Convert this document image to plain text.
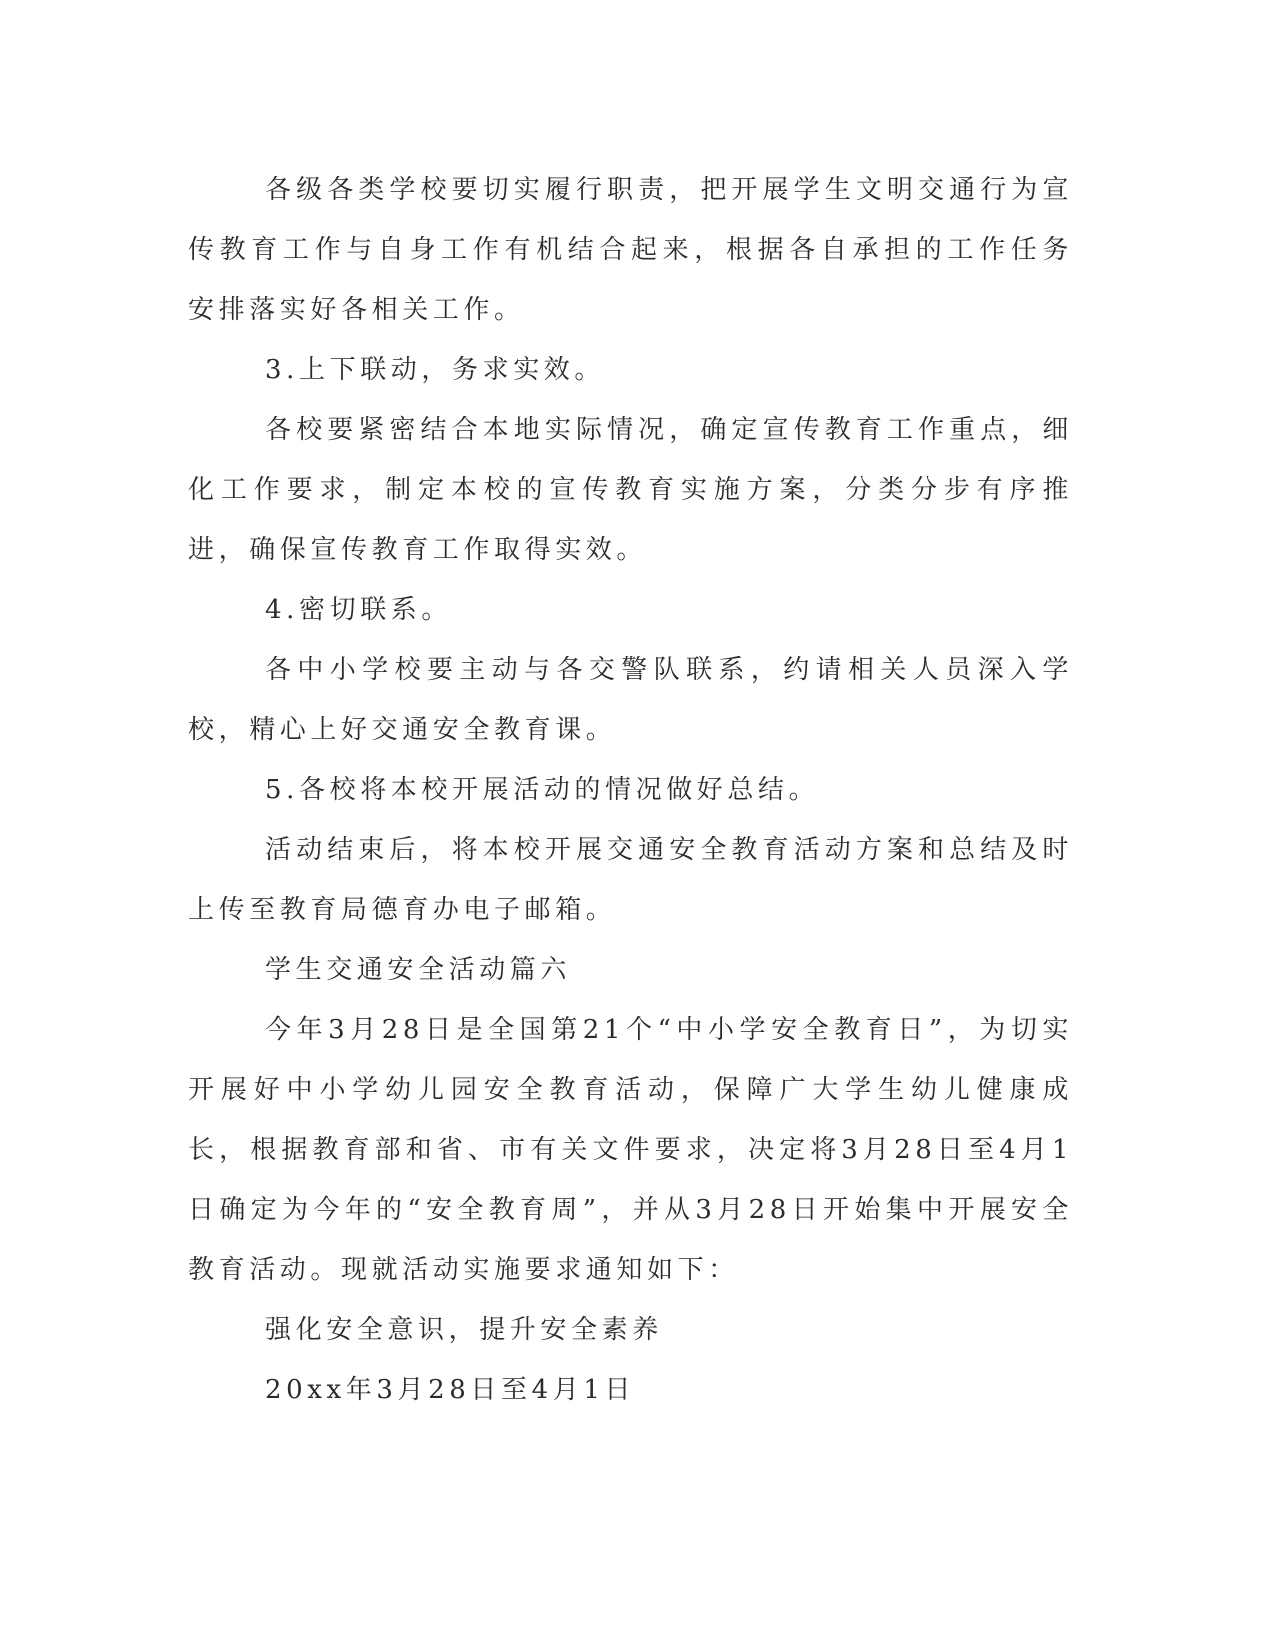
各级各类学校要切实履行职责，把开展学生文明交通行为宣传教育工作与自身工作有机结合起来，根据各自承担的工作任务安排落实好各相关工作。

3.上下联动，务求实效。

各校要紧密结合本地实际情况，确定宣传教育工作重点，细化工作要求，制定本校的宣传教育实施方案，分类分步有序推进，确保宣传教育工作取得实效。

4.密切联系。

各中小学校要主动与各交警队联系，约请相关人员深入学校，精心上好交通安全教育课。

5.各校将本校开展活动的情况做好总结。

活动结束后，将本校开展交通安全教育活动方案和总结及时上传至教育局德育办电子邮箱。

学生交通安全活动篇六

今年3月28日是全国第21个“中小学安全教育日”，为切实开展好中小学幼儿园安全教育活动，保障广大学生幼儿健康成长，根据教育部和省、市有关文件要求，决定将3月28日至4月1日确定为今年的“安全教育周”，并从3月28日开始集中开展安全教育活动。现就活动实施要求通知如下：

强化安全意识，提升安全素养

20xx年3月28日至4月1日
